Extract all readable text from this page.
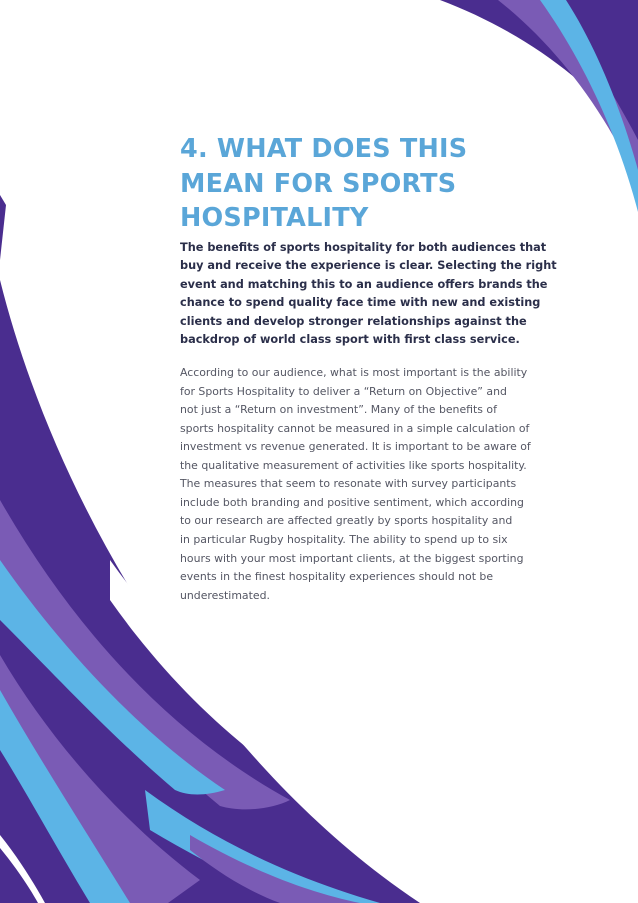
4. WHAT DOES THIS
MEAN FOR SPORTS
HOSPITALITY

The benefits of sports hospitality for both audiences that
buy and receive the experience is clear. Selecting the right
event and matching this to an audience offers brands the
chance to spend quality face time with new and existing
clients and develop stronger relationships against the
backdrop of world class sport with first class service.

According to our audience, what is most important is the ability
for Sports Hospitality to deliver a “Return on Objective” and
not just a “Return on investment”. Many of the benefits of
sports hospitality cannot be measured in a simple calculation of
investment vs revenue generated. It is important to be aware of
the qualitative measurement of activities like sports hospitality.
The measures that seem to resonate with survey participants
include both branding and positive sentiment, which according
to our research are affected greatly by sports hospitality and
in particular Rugby hospitality. The ability to spend up to six
hours with your most important clients, at the biggest sporting
events in the finest hospitality experiences should not be
underestimated.
